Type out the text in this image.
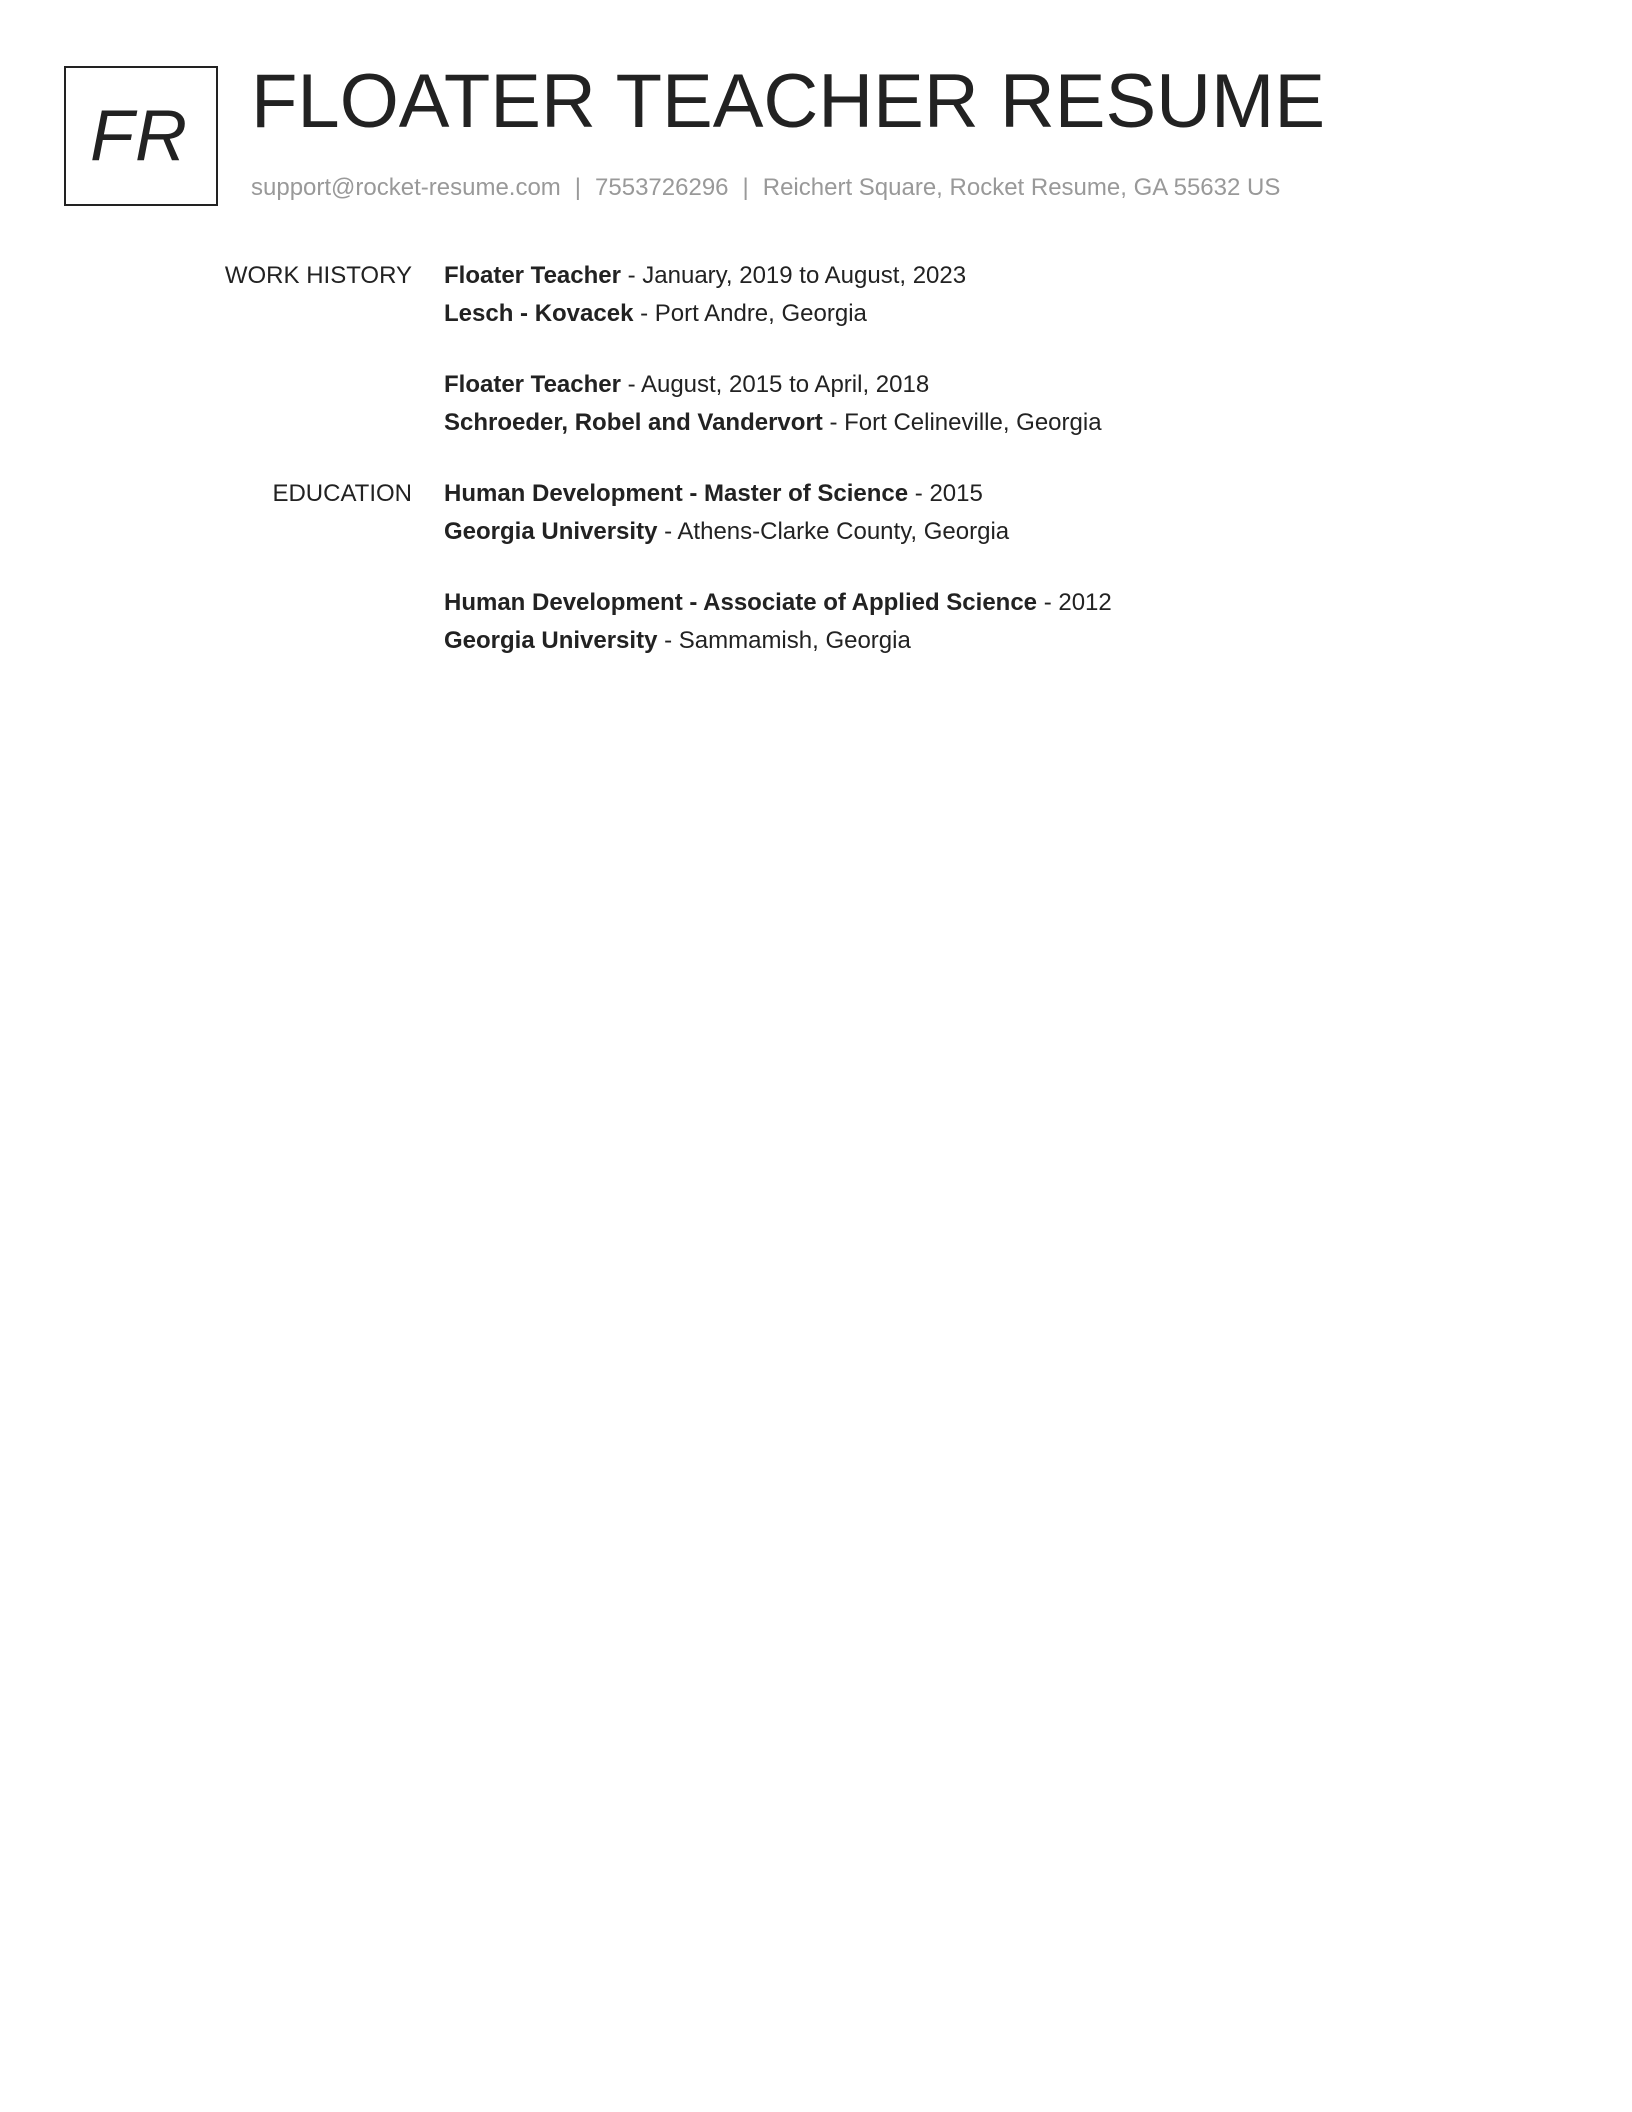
FR FLOATER TEACHER RESUME
support@rocket-resume.com | 7553726296 | Reichert Square, Rocket Resume, GA 55632 US
WORK HISTORY Floater Teacher - January, 2019 to August, 2023
Lesch - Kovacek - Port Andre, Georgia
Floater Teacher - August, 2015 to April, 2018
Schroeder, Robel and Vandervort - Fort Celineville, Georgia
EDUCATION Human Development - Master of Science - 2015
Georgia University - Athens-Clarke County, Georgia
Human Development - Associate of Applied Science - 2012
Georgia University - Sammamish, Georgia
